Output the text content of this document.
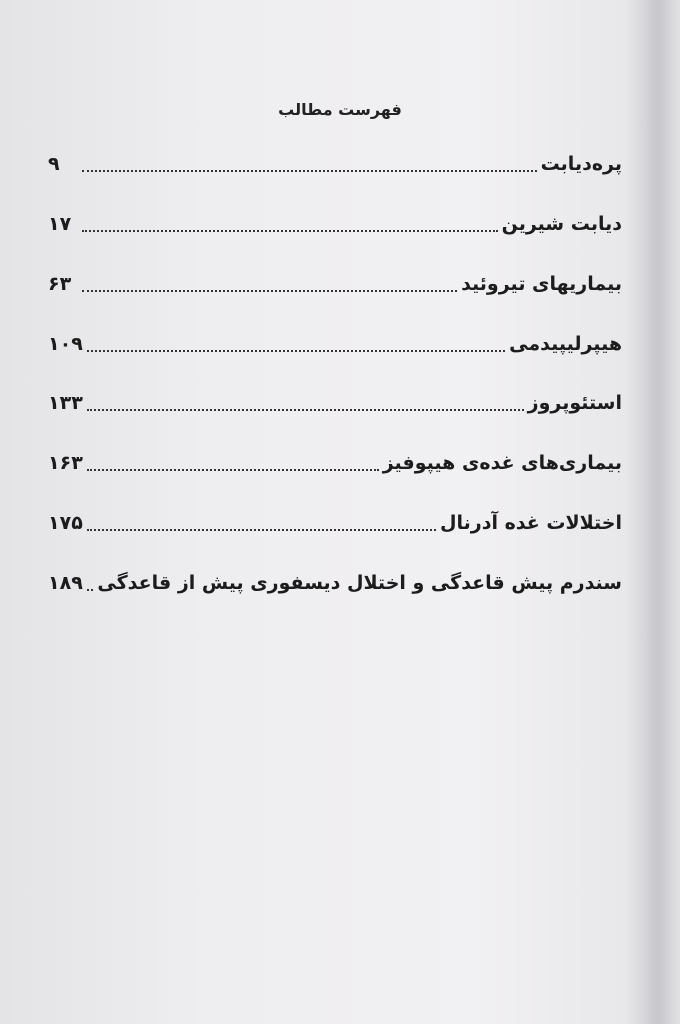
فهرست مطالب
پره‌دیابت
۹
دیابت شیرین
۱۷
بیماریهای تیروئید
۶۳
هیپرلیپیدمی
۱۰۹
استئوپروز
۱۳۳
بیماری‌های غده‌ی هیپوفیز
۱۶۳
اختلالات غده آدرنال
۱۷۵
سندرم پیش قاعدگی و اختلال دیسفوری پیش از قاعدگی
۱۸۹
